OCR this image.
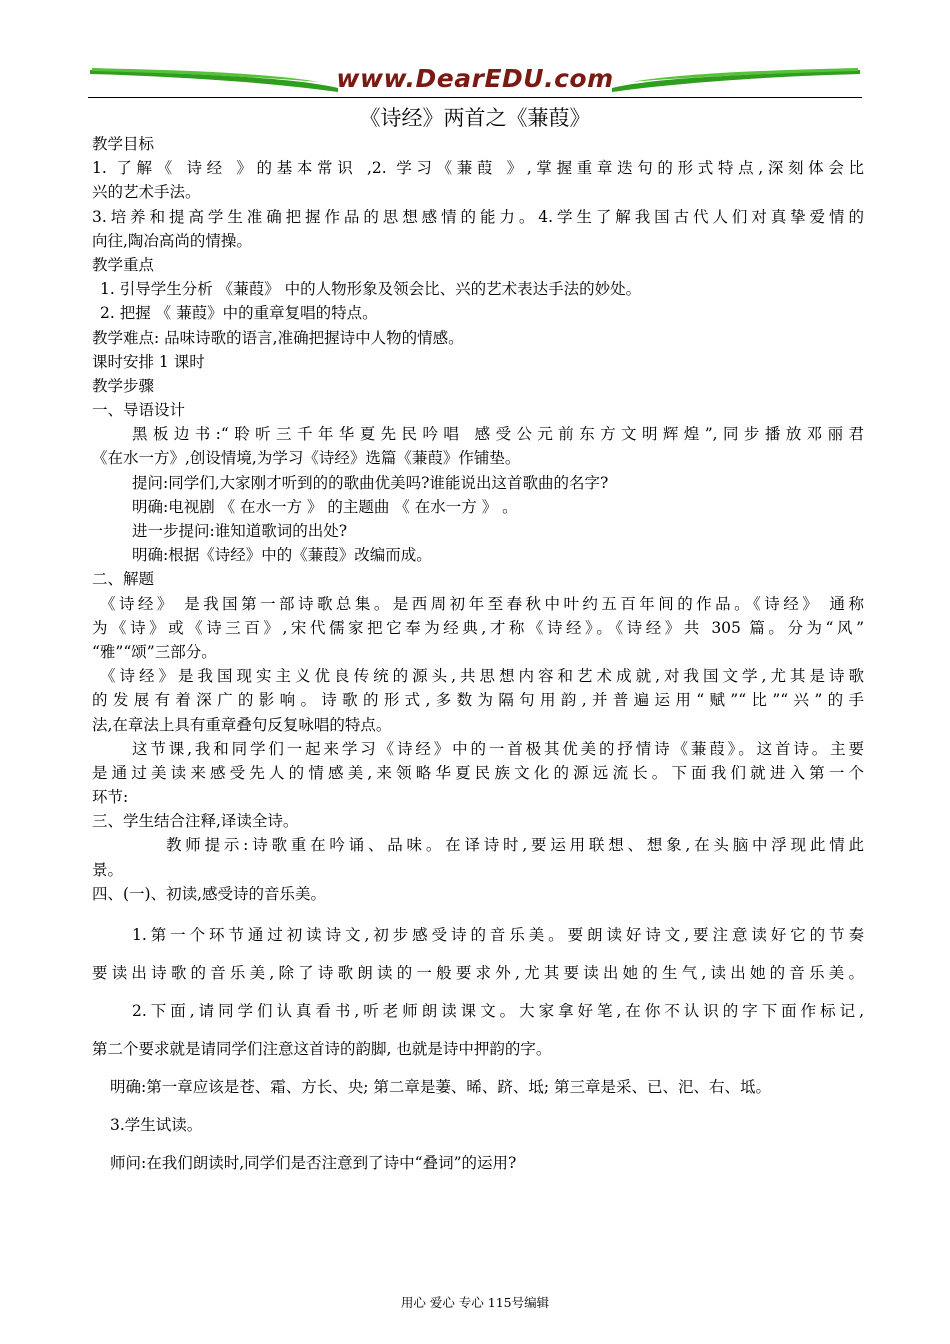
www.DearEDU.com
《诗经》两首之《蒹葭》
教学目标
1. 了解《 诗经 》的基本常识 ,2. 学习《蒹葭 》,掌握重章迭句的形式特点,深刻体会比
兴的艺术手法。
3.培养和提高学生准确把握作品的思想感情的能力。4.学生了解我国古代人们对真挚爱情的
向往,陶冶高尚的情操。
教学重点
1. 引导学生分析 《蒹葭》 中的人物形象及领会比、兴的艺术表达手法的妙处。
2. 把握 《 蒹葭》中的重章复唱的特点。
教学难点: 品味诗歌的语言,准确把握诗中人物的情感。
课时安排 1 课时
教学步骤
一、导语设计
黑板边书:“聆听三千年华夏先民吟唱 感受公元前东方文明辉煌”,同步播放邓丽君
《在水一方》,创设情境,为学习《诗经》选篇《蒹葭》作铺垫。
提问:同学们,大家刚才听到的的歌曲优美吗?谁能说出这首歌曲的名字?
明确:电视剧 《 在水一方 》 的主题曲 《 在水一方 》 。
进一步提问:谁知道歌词的出处?
明确:根据《诗经》中的《蒹葭》改编而成。
二、解题
《诗经》 是我国第一部诗歌总集。是西周初年至春秋中叶约五百年间的作品。《诗经》 通称
为《诗》或《诗三百》,宋代儒家把它奉为经典,才称《诗经》。《诗经》共 305 篇。分为“风”
“雅”“颂”三部分。
《诗经》是我国现实主义优良传统的源头,共思想内容和艺术成就,对我国文学,尤其是诗歌
的发展有着深广的影响。诗歌的形式,多数为隔句用韵,并普遍运用“赋”“比”“兴”的手
法,在章法上具有重章叠句反复咏唱的特点。
这节课,我和同学们一起来学习《诗经》中的一首极其优美的抒情诗《蒹葭》。这首诗。主要
是通过美读来感受先人的情感美,来领略华夏民族文化的源远流长。下面我们就进入第一个
环节:
三、学生结合注释,译读全诗。
教师提示:诗歌重在吟诵、品味。在译诗时,要运用联想、想象,在头脑中浮现此情此
景。
四、(一)、初读,感受诗的音乐美。
1.第一个环节通过初读诗文,初步感受诗的音乐美。要朗读好诗文,要注意读好它的节奏
要读出诗歌的音乐美,除了诗歌朗读的一般要求外,尤其要读出她的生气,读出她的音乐美。
2.下面,请同学们认真看书,听老师朗读课文。大家拿好笔,在你不认识的字下面作标记,
第二个要求就是请同学们注意这首诗的韵脚, 也就是诗中押韵的字。
明确:第一章应该是苍、霜、方长、央; 第二章是萋、晞、跻、坻; 第三章是采、已、汜、右、坻。
3.学生试读。
师问:在我们朗读时,同学们是否注意到了诗中“叠词”的运用?
用心 爱心 专心 115号编辑
